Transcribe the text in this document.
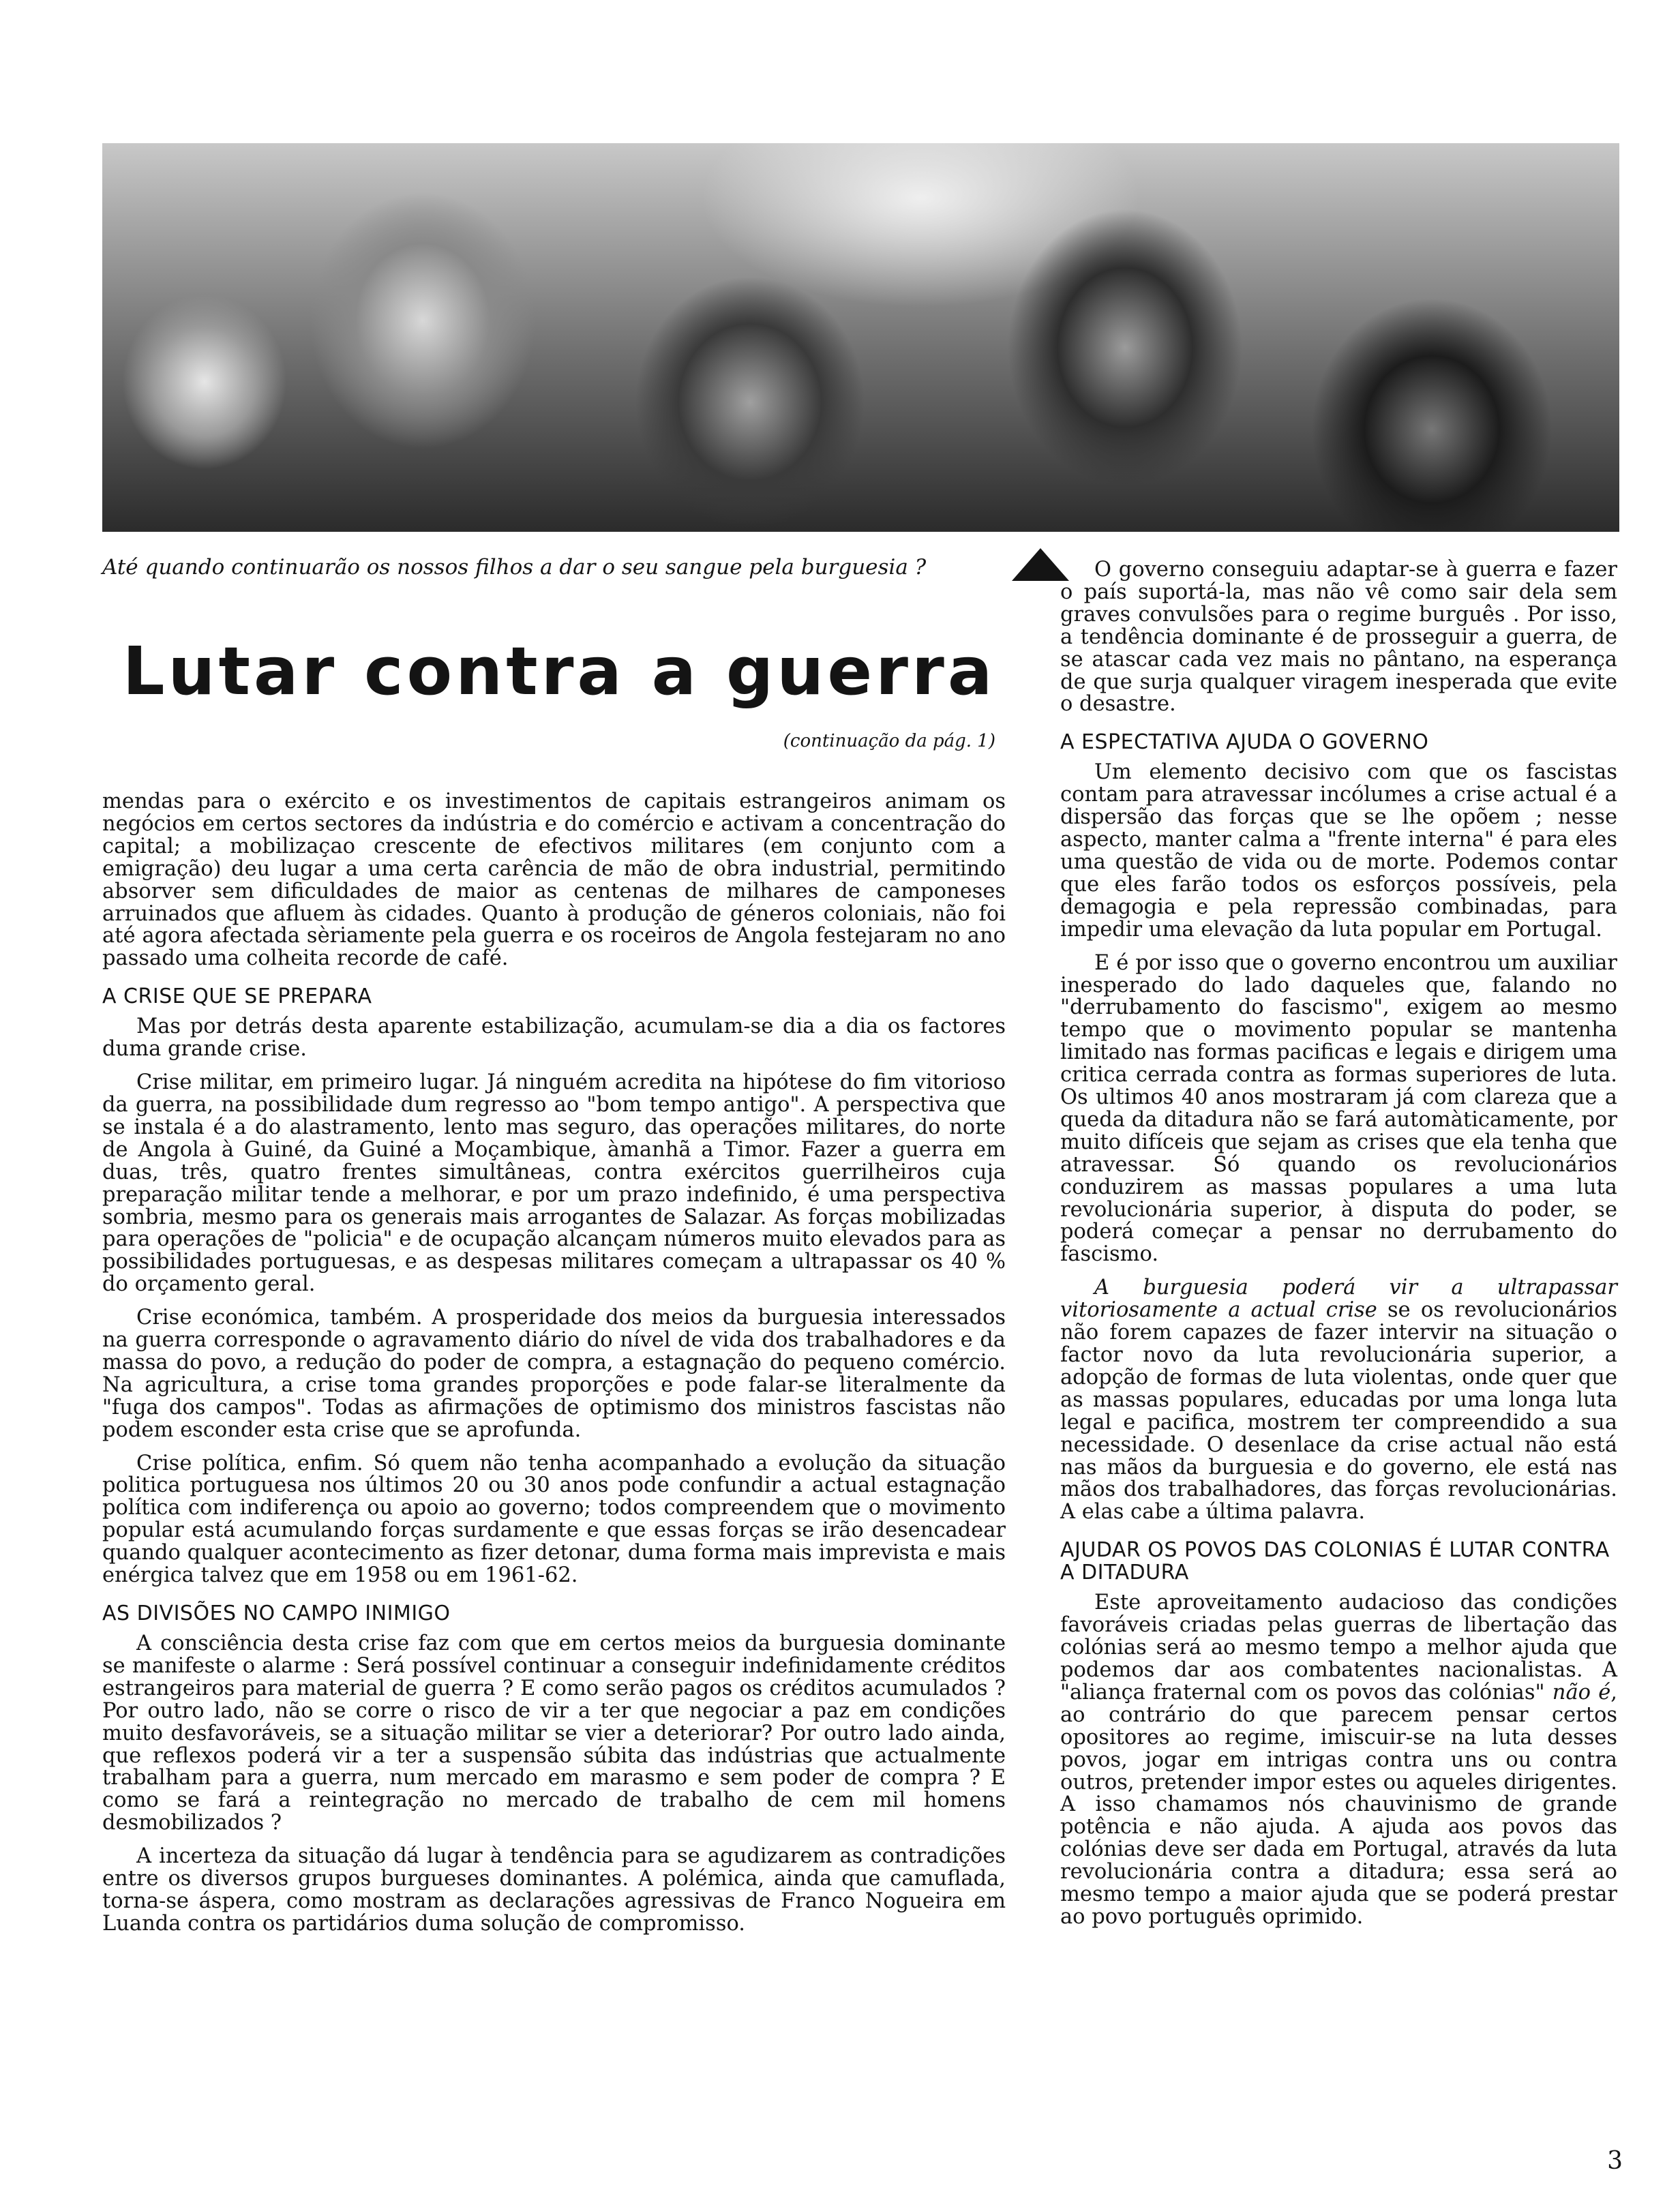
Até quando continuarão os nossos filhos a dar o seu sangue pela burguesia ?
Lutar contra a guerra
(continuação da pág. 1)

mendas para o exército e os investimentos de capitais estrangeiros animam os negócios em certos sectores da indústria e do comércio e activam a concentração do capital; a mobilizaçao crescente de efectivos militares (em conjunto com a emigração) deu lugar a uma certa carência de mão de obra industrial, permitindo absorver sem dificuldades de maior as centenas de milhares de camponeses arruinados que afluem às cidades. Quanto à produção de géneros coloniais, não foi até agora afectada sèriamente pela guerra e os roceiros de Angola festejaram no ano passado uma colheita recorde de café.

A CRISE QUE SE PREPARA

Mas por detrás desta aparente estabilização, acumulam-se dia a dia os factores duma grande crise.

Crise militar, em primeiro lugar. Já ninguém acredita na hipótese do fim vitorioso da guerra, na possibilidade dum regresso ao "bom tempo antigo". A perspectiva que se instala é a do alastramento, lento mas seguro, das operações militares, do norte de Angola à Guiné, da Guiné a Moçambique, àmanhã a Timor. Fazer a guerra em duas, três, quatro frentes simultâneas, contra exércitos guerrilheiros cuja preparação militar tende a melhorar, e por um prazo indefinido, é uma perspectiva sombria, mesmo para os generais mais arrogantes de Salazar. As forças mobilizadas para operações de "policia" e de ocupação alcançam números muito elevados para as possibilidades portuguesas, e as despesas militares começam a ultrapassar os 40 % do orçamento geral.

Crise económica, também. A prosperidade dos meios da burguesia interessados na guerra corresponde o agravamento diário do nível de vida dos trabalhadores e da massa do povo, a redução do poder de compra, a estagnação do pequeno comércio. Na agricultura, a crise toma grandes proporções e pode falar-se literalmente da "fuga dos campos". Todas as afirmações de optimismo dos ministros fascistas não podem esconder esta crise que se aprofunda.

Crise política, enfim. Só quem não tenha acompanhado a evolução da situação politica portuguesa nos últimos 20 ou 30 anos pode confundir a actual estagnação política com indiferença ou apoio ao governo; todos compreendem que o movimento popular está acumulando forças surdamente e que essas forças se irão desencadear quando qualquer acontecimento as fizer detonar, duma forma mais imprevista e mais enérgica talvez que em 1958 ou em 1961-62.

AS DIVISÕES NO CAMPO INIMIGO

A consciência desta crise faz com que em certos meios da burguesia dominante se manifeste o alarme : Será possível continuar a conseguir indefinidamente créditos estrangeiros para material de guerra ? E como serão pagos os créditos acumulados ? Por outro lado, não se corre o risco de vir a ter que negociar a paz em condições muito desfavoráveis, se a situação militar se vier a deteriorar? Por outro lado ainda, que reflexos poderá vir a ter a suspensão súbita das indústrias que actualmente trabalham para a guerra, num mercado em marasmo e sem poder de compra ? E como se fará a reintegração no mercado de trabalho de cem mil homens desmobilizados ?

A incerteza da situação dá lugar à tendência para se agudizarem as contradições entre os diversos grupos burgueses dominantes. A polémica, ainda que camuflada, torna-se áspera, como mostram as declarações agressivas de Franco Nogueira em Luanda contra os partidários duma solução de compromisso.

O governo conseguiu adaptar-se à guerra e fazer o país suportá-la, mas não vê como sair dela sem graves convulsões para o regime burguês . Por isso, a tendência dominante é de prosseguir a guerra, de se atascar cada vez mais no pântano, na esperança de que surja qualquer viragem inesperada que evite o desastre.

A ESPECTATIVA AJUDA O GOVERNO

Um elemento decisivo com que os fascistas contam para atravessar incólumes a crise actual é a dispersão das forças que se lhe opõem ; nesse aspecto, manter calma a "frente interna" é para eles uma questão de vida ou de morte. Podemos contar que eles farão todos os esforços possíveis, pela demagogia e pela repressão combinadas, para impedir uma elevação da luta popular em Portugal.

E é por isso que o governo encontrou um auxiliar inesperado do lado daqueles que, falando no "derrubamento do fascismo", exigem ao mesmo tempo que o movimento popular se mantenha limitado nas formas pacificas e legais e dirigem uma critica cerrada contra as formas superiores de luta. Os ultimos 40 anos mostraram já com clareza que a queda da ditadura não se fará automàticamente, por muito difíceis que sejam as crises que ela tenha que atravessar. Só quando os revolucionários conduzirem as massas populares a uma luta revolucionária superior, à disputa do poder, se poderá começar a pensar no derrubamento do fascismo.

A burguesia poderá vir a ultrapassar vitoriosamente a actual crise se os revolucionários não forem capazes de fazer intervir na situação o factor novo da luta revolucionária superior, a adopção de formas de luta violentas, onde quer que as massas populares, educadas por uma longa luta legal e pacifica, mostrem ter compreendido a sua necessidade. O desenlace da crise actual não está nas mãos da burguesia e do governo, ele está nas mãos dos trabalhadores, das forças revolucionárias. A elas cabe a última palavra.

AJUDAR OS POVOS DAS COLONIAS É LUTAR CONTRA A DITADURA

Este aproveitamento audacioso das condições favoráveis criadas pelas guerras de libertação das colónias será ao mesmo tempo a melhor ajuda que podemos dar aos combatentes nacionalistas. A "aliança fraternal com os povos das colónias" não é, ao contrário do que parecem pensar certos opositores ao regime, imiscuir-se na luta desses povos, jogar em intrigas contra uns ou contra outros, pretender impor estes ou aqueles dirigentes. A isso chamamos nós chauvinismo de grande potência e não ajuda. A ajuda aos povos das colónias deve ser dada em Portugal, através da luta revolucionária contra a ditadura; essa será ao mesmo tempo a maior ajuda que se poderá prestar ao povo português oprimido.

3
